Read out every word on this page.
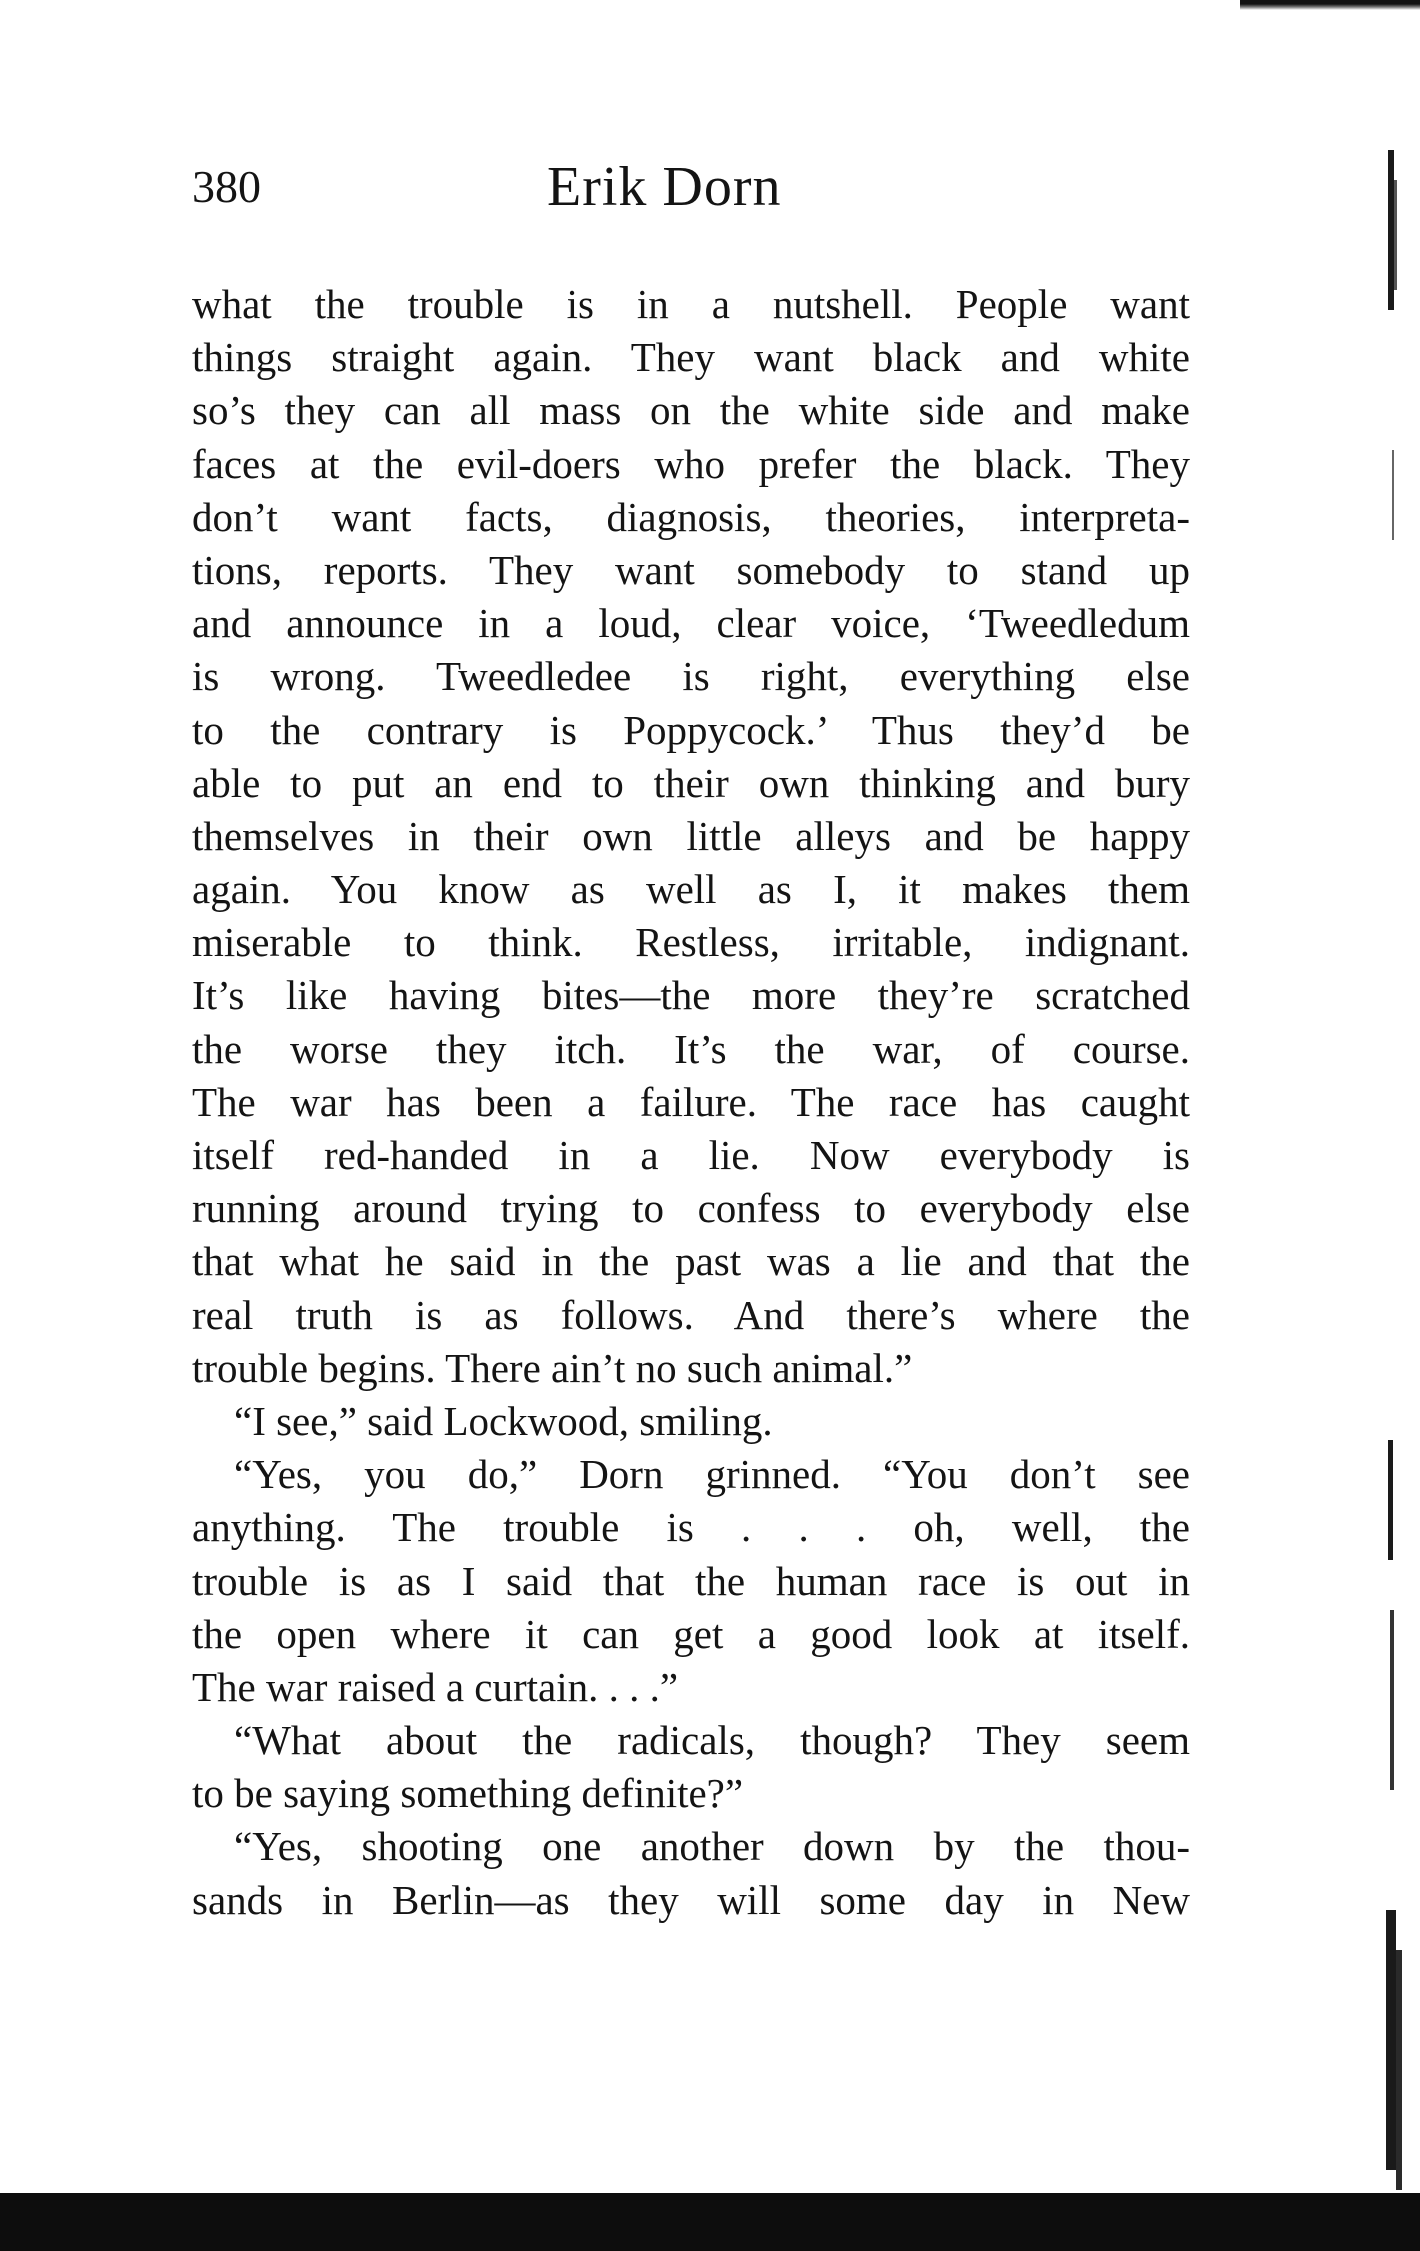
380	Erik Dorn
what the trouble is in a nutshell. People want
things straight again. They want black and white
so’s they can all mass on the white side and make
faces at the evil-doers who prefer the black. They
don’t want facts, diagnosis, theories, interpreta-
tions, reports. They want somebody to stand up
and announce in a loud, clear voice, ‘Tweedledum
is wrong. Tweedledee is right, everything else
to the contrary is Poppycock.’ Thus they’d be
able to put an end to their own thinking and bury
themselves in their own little alleys and be happy
again. You know as well as I, it makes them
miserable to think. Restless, irritable, indignant.
It’s like having bites—the more they’re scratched
the worse they itch. It’s the war, of course.
The war has been a failure. The race has caught
itself red-handed in a lie. Now everybody is
running around trying to confess to everybody else
that what he said in the past was a lie and that the
real truth is as follows. And there’s where the
trouble begins. There ain’t no such animal.”
“I see,” said Lockwood, smiling.
“Yes, you do,” Dorn grinned. “You don’t see
anything. The trouble is . . . oh, well, the
trouble is as I said that the human race is out in
the open where it can get a good look at itself.
The war raised a curtain. . . .”
“What about the radicals, though? They seem
to be saying something definite?”
“Yes, shooting one another down by the thou-
sands in Berlin—as they will some day in New
